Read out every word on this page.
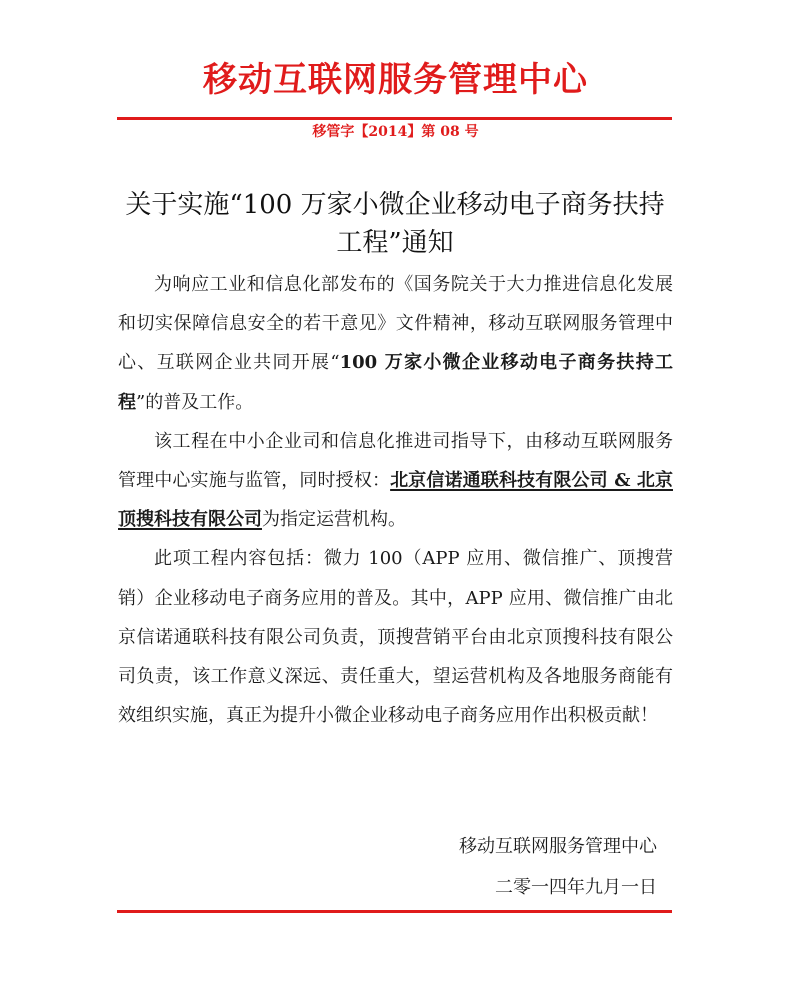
移动互联网服务管理中心
移管字【2014】第 08 号
关于实施“100 万家小微企业移动电子商务扶持工程”通知

为响应工业和信息化部发布的《国务院关于大力推进信息化发展和切实保障信息安全的若干意见》文件精神，移动互联网服务管理中心、互联网企业共同开展“100 万家小微企业移动电子商务扶持工程”的普及工作。

该工程在中小企业司和信息化推进司指导下，由移动互联网服务管理中心实施与监管，同时授权：北京信诺通联科技有限公司 & 北京顶搜科技有限公司为指定运营机构。

此项工程内容包括：微力 100（APP 应用、微信推广、顶搜营销）企业移动电子商务应用的普及。其中，APP 应用、微信推广由北京信诺通联科技有限公司负责，顶搜营销平台由北京顶搜科技有限公司负责，该工作意义深远、责任重大，望运营机构及各地服务商能有效组织实施，真正为提升小微企业移动电子商务应用作出积极贡献！

移动互联网服务管理中心
二零一四年九月一日
